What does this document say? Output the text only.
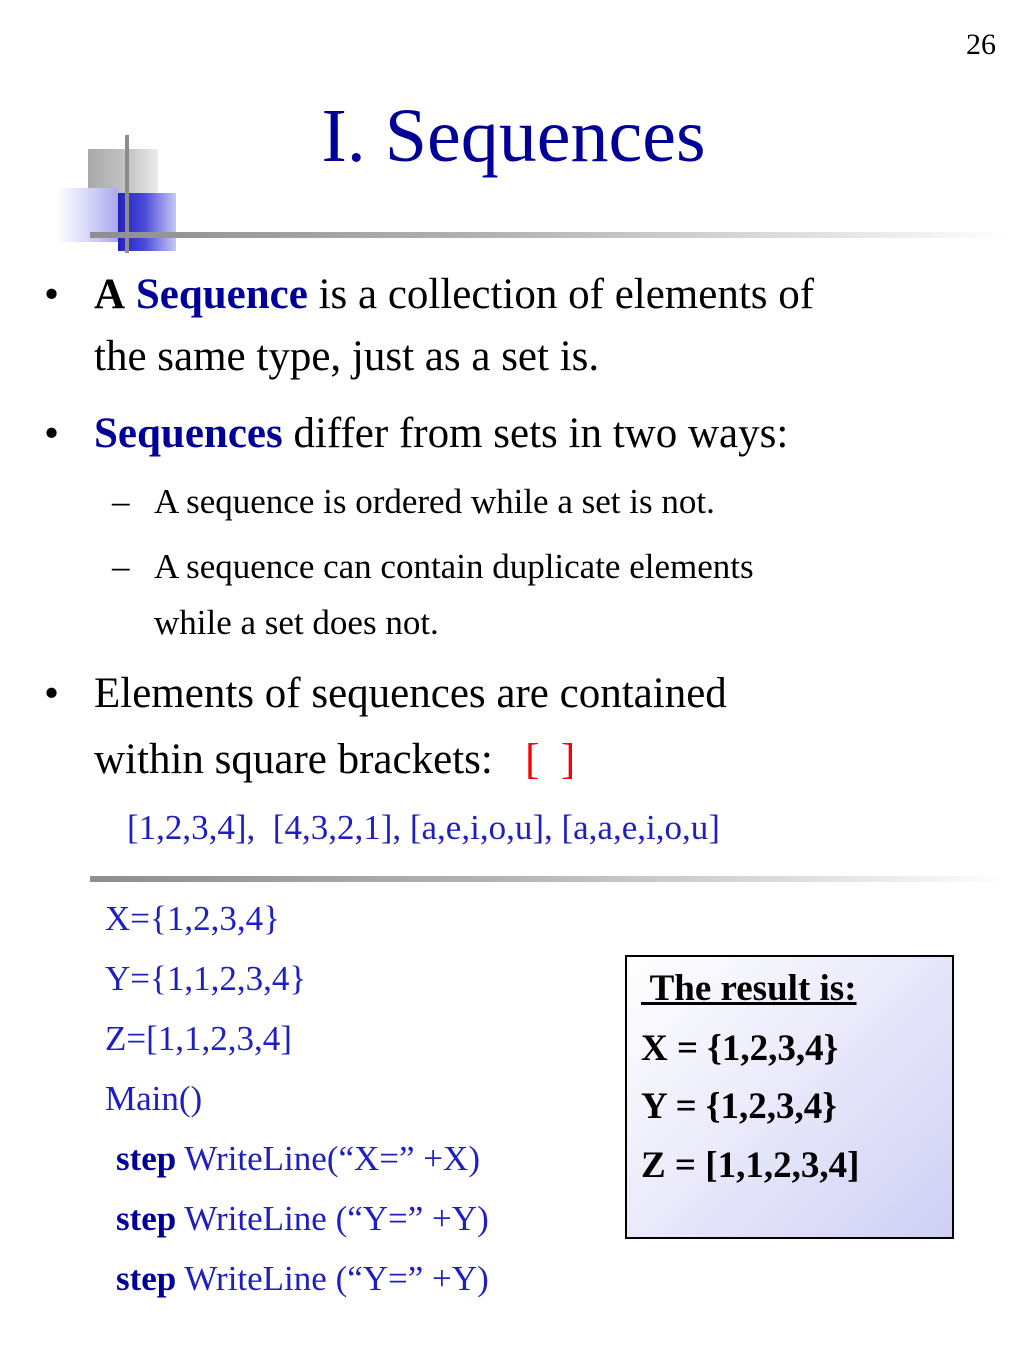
26
I. Sequences
• A Sequence is a collection of elements of
the same type, just as a set is.
• Sequences differ from sets in two ways:
– A sequence is ordered while a set is not.
– A sequence can contain duplicate elements
while a set does not.
• Elements of sequences are contained
within square brackets: [  ]
[1,2,3,4],  [4,3,2,1], [a,e,i,o,u], [a,a,e,i,o,u]
X={1,2,3,4}
Y={1,1,2,3,4}
Z=[1,1,2,3,4]
Main()
step WriteLine(“X=” +X)
step WriteLine (“Y=” +Y)
step WriteLine (“Y=” +Y)
The result is:
X = {1,2,3,4}
Y = {1,2,3,4}
Z = [1,1,2,3,4]
